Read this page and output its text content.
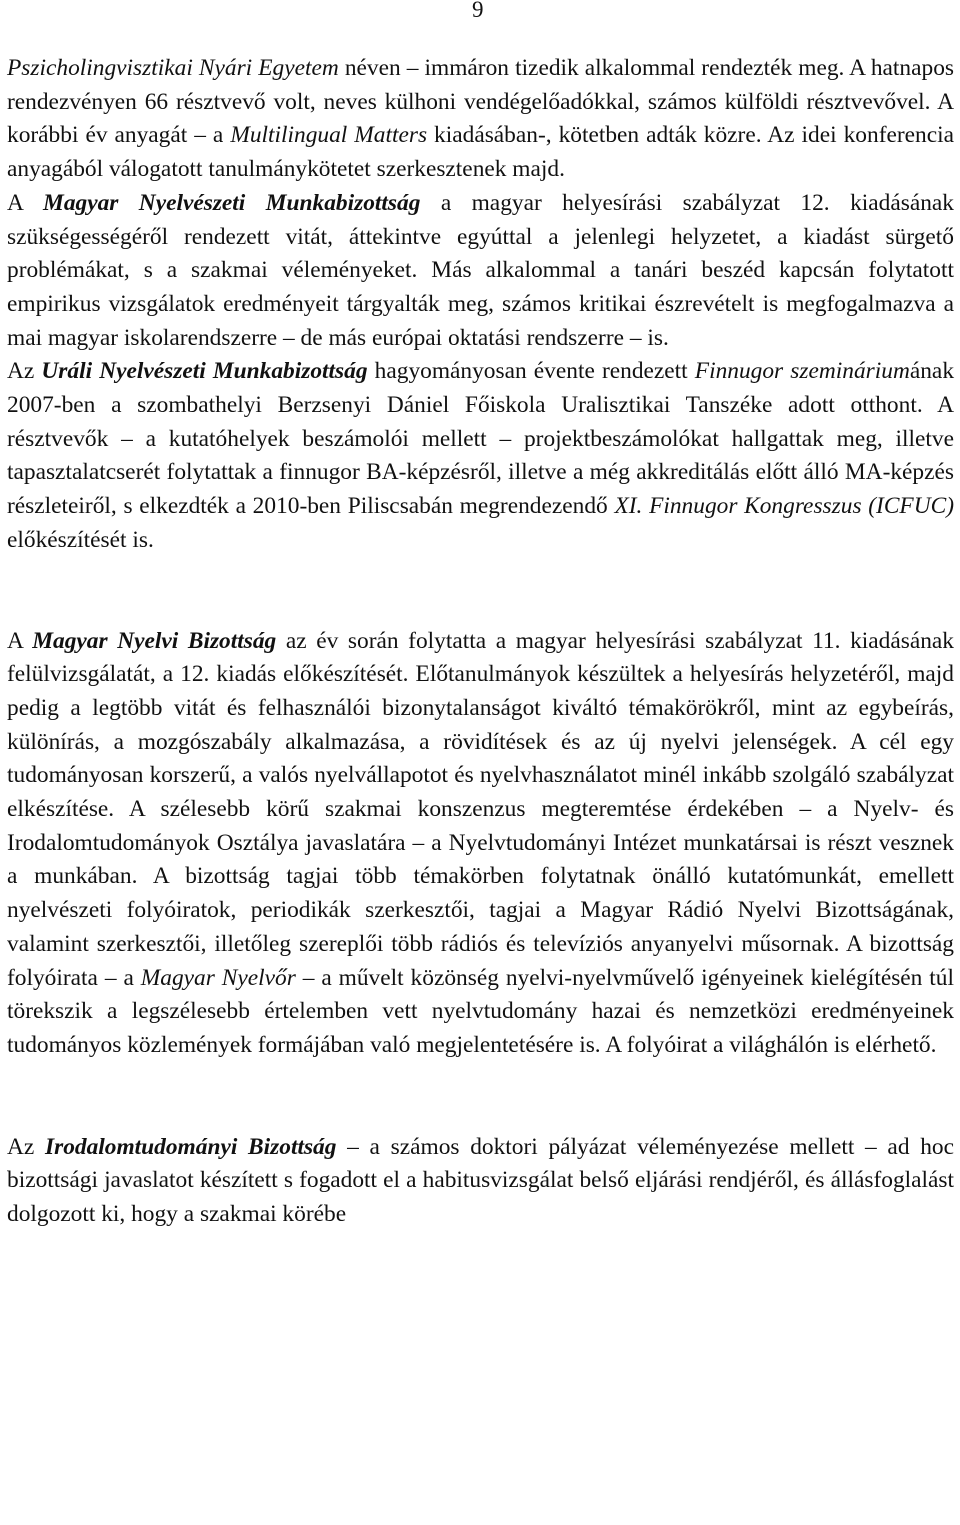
9

Pszicholingvisztikai Nyári Egyetem néven – immáron tizedik alkalommal rendezték meg. A hatnapos rendezvényen 66 résztvevő volt, neves külhoni vendégelőadókkal, számos külföldi résztvevővel. A korábbi év anyagát – a Multilingual Matters kiadásában-, kötetben adták közre. Az idei konferencia anyagából válogatott tanulmánykötetet szerkesztenek majd.

A Magyar Nyelvészeti Munkabizottság a magyar helyesírási szabályzat 12. kiadásának szükségességéről rendezett vitát, áttekintve egyúttal a jelenlegi helyzetet, a kiadást sürgető problémákat, s a szakmai véleményeket. Más alkalommal a tanári beszéd kapcsán folytatott empirikus vizsgálatok eredményeit tárgyalták meg, számos kritikai észrevételt is megfogalmazva a mai magyar iskolarendszerre – de más európai oktatási rendszerre – is.

Az Uráli Nyelvészeti Munkabizottság hagyományosan évente rendezett Finnugor szemináriumának 2007-ben a szombathelyi Berzsenyi Dániel Főiskola Uralisztikai Tanszéke adott otthont. A résztvevők – a kutatóhelyek beszámolói mellett – projektbeszámolókat hallgattak meg, illetve tapasztalatcserét folytattak a finnugor BA-képzésről, illetve a még akkreditálás előtt álló MA-képzés részleteiről, s elkezdték a 2010-ben Piliscsabán megrendezendő XI. Finnugor Kongresszus (ICFUC) előkészítését is.

A Magyar Nyelvi Bizottság az év során folytatta a magyar helyesírási szabályzat 11. kiadásának felülvizsgálatát, a 12. kiadás előkészítését. Előtanulmányok készültek a helyesírás helyzetéről, majd pedig a legtöbb vitát és felhasználói bizonytalanságot kiváltó témakörökről, mint az egybeírás, különírás, a mozgószabály alkalmazása, a rövidítések és az új nyelvi jelenségek. A cél egy tudományosan korszerű, a valós nyelvállapotot és nyelvhasználatot minél inkább szolgáló szabályzat elkészítése. A szélesebb körű szakmai konszenzus megteremtése érdekében – a Nyelv- és Irodalomtudományok Osztálya javaslatára – a Nyelvtudományi Intézet munkatársai is részt vesznek a munkában. A bizottság tagjai több témakörben folytatnak önálló kutatómunkát, emellett nyelvészeti folyóiratok, periodikák szerkesztői, tagjai a Magyar Rádió Nyelvi Bizottságának, valamint szerkesztői, illetőleg szereplői több rádiós és televíziós anyanyelvi műsornak. A bizottság folyóirata – a Magyar Nyelvőr – a művelt közönség nyelvi-nyelvművelő igényeinek kielégítésén túl törekszik a legszélesebb értelemben vett nyelvtudomány hazai és nemzetközi eredményeinek tudományos közlemények formájában való megjelentetésére is. A folyóirat a világhálón is elérhető.

Az Irodalomtudományi Bizottság – a számos doktori pályázat véleményezése mellett – ad hoc bizottsági javaslatot készített s fogadott el a habitusvizsgálat belső eljárási rendjéről, és állásfoglalást dolgozott ki, hogy a szakmai körébe
